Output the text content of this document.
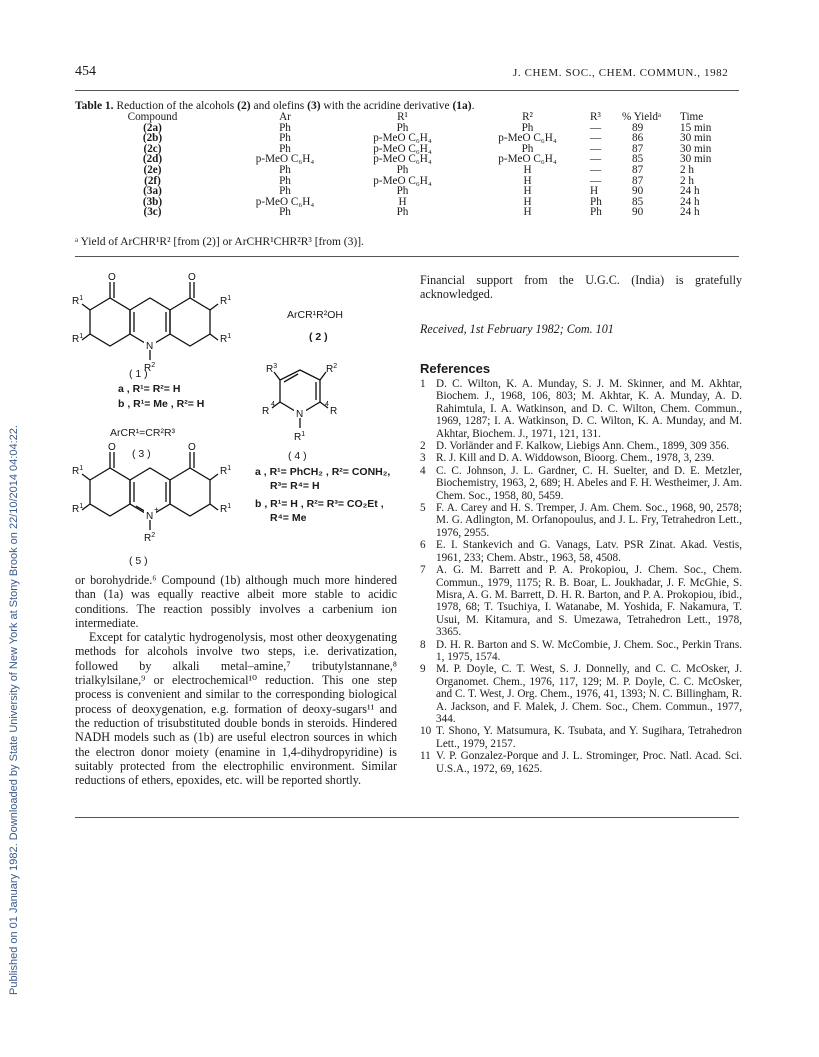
Published on 01 January 1982. Downloaded by State University of New York at Stony Brook on 22/10/2014 04:04:22.
454	J. CHEM. SOC., CHEM. COMMUN., 1982
Table 1. Reduction of the alcohols (2) and olefins (3) with the acridine derivative (1a).
Compound	Ar	R¹	R²	R³	% Yieldᵃ	Time
(2a)	Ph	Ph	Ph	—	89	15 min
(2b)	Ph	p-MeO C₆H₄	p-MeO C₆H₄	—	86	30 min
(2c)	Ph	p-MeO C₆H₄	Ph	—	87	30 min
(2d)	p-MeO C₆H₄	p-MeO C₆H₄	p-MeO C₆H₄	—	85	30 min
(2e)	Ph	Ph	H	—	87	2 h
(2f)	Ph	p-MeO C₆H₄	H	—	87	2 h
(3a)	Ph	Ph	H	H	90	24 h
(3b)	p-MeO C₆H₄	H	H	Ph	85	24 h
(3c)	Ph	Ph	H	Ph	90	24 h
ᵃ Yield of ArCHR¹R² [from (2)] or ArCHR¹CHR²R³ [from (3)].
O	O
$R^1$
$R^1$
$R^1$
$R^1$
N
$R^2$
O	O
$R^1$
$R^1$
$R^1$
$R^1$
N
+
$R^2$
$R^3$	$R^2$
R
4
R
4
N
$R^1$
( 1 )
a , R¹= R²= H
b , R¹= Me , R²= H
ArCR¹=CR²R³
( 3 )
( 5 )
ArCR¹R²OH
( 2 )
( 4 )
a , R¹= PhCH₂ , R²= CONH₂,
R³= R⁴= H
b , R¹= H , R²= R³= CO₂Et ,
R⁴= Me

or borohydride.⁶ Compound (1b) although much more hindered than (1a) was equally reactive albeit more stable to acidic conditions. The reaction possibly involves a carbenium ion intermediate.

Except for catalytic hydrogenolysis, most other deoxygenating methods for alcohols involve two steps, i.e. derivatization, followed by alkali metal–amine,⁷ tributylstannane,⁸ trialkylsilane,⁹ or electrochemical¹⁰ reduction. This one step process is convenient and similar to the corresponding biological process of deoxygenation, e.g. formation of deoxy-sugars¹¹ and the reduction of trisubstituted double bonds in steroids. Hindered NADH models such as (1b) are useful electron sources in which the electron donor moiety (enamine in 1,4-dihydropyridine) is suitably protected from the electrophilic environment. Similar reductions of ethers, epoxides, etc. will be reported shortly.

Financial support from the U.G.C. (India) is gratefully acknowledged.
Received, 1st February 1982; Com. 101
References
1 D. C. Wilton, K. A. Munday, S. J. M. Skinner, and M. Akhtar, Biochem. J., 1968, 106, 803; M. Akhtar, K. A. Munday, A. D. Rahimtula, I. A. Watkinson, and D. C. Wilton, Chem. Commun., 1969, 1287; I. A. Watkinson, D. C. Wilton, K. A. Munday, and M. Akhtar, Biochem. J., 1971, 121, 131.
2 D. Vorländer and F. Kalkow, Liebigs Ann. Chem., 1899, 309 356.
3 R. J. Kill and D. A. Widdowson, Bioorg. Chem., 1978, 3, 239.
4 C. C. Johnson, J. L. Gardner, C. H. Suelter, and D. E. Metzler, Biochemistry, 1963, 2, 689; H. Abeles and F. H. Westheimer, J. Am. Chem. Soc., 1958, 80, 5459.
5 F. A. Carey and H. S. Tremper, J. Am. Chem. Soc., 1968, 90, 2578; M. G. Adlington, M. Orfanopoulus, and J. L. Fry, Tetrahedron Lett., 1976, 2955.
6 E. I. Stankevich and G. Vanags, Latv. PSR Zinat. Akad. Vestis, 1961, 233; Chem. Abstr., 1963, 58, 4508.
7 A. G. M. Barrett and P. A. Prokopiou, J. Chem. Soc., Chem. Commun., 1979, 1175; R. B. Boar, L. Joukhadar, J. F. McGhie, S. Misra, A. G. M. Barrett, D. H. R. Barton, and P. A. Prokopiou, ibid., 1978, 68; T. Tsuchiya, I. Watanabe, M. Yoshida, F. Nakamura, T. Usui, M. Kitamura, and S. Umezawa, Tetrahedron Lett., 1978, 3365.
8 D. H. R. Barton and S. W. McCombie, J. Chem. Soc., Perkin Trans. 1, 1975, 1574.
9 M. P. Doyle, C. T. West, S. J. Donnelly, and C. C. McOsker, J. Organomet. Chem., 1976, 117, 129; M. P. Doyle, C. C. McOsker, and C. T. West, J. Org. Chem., 1976, 41, 1393; N. C. Billingham, R. A. Jackson, and F. Malek, J. Chem. Soc., Chem. Commun., 1977, 344.
10 T. Shono, Y. Matsumura, K. Tsubata, and Y. Sugihara, Tetrahedron Lett., 1979, 2157.
11 V. P. Gonzalez-Porque and J. L. Strominger, Proc. Natl. Acad. Sci. U.S.A., 1972, 69, 1625.
